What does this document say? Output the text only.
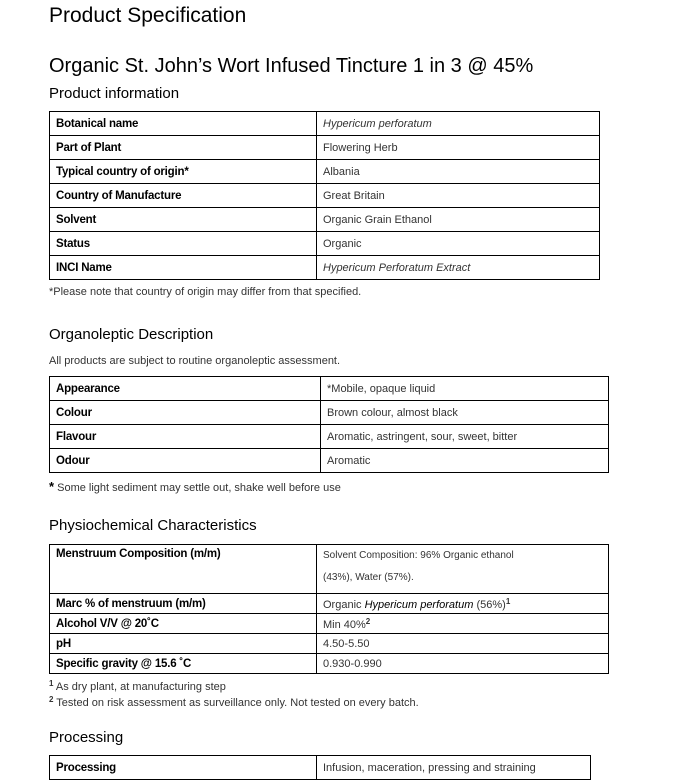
Product Specification
Organic St. John’s Wort Infused Tincture 1 in 3 @ 45%
Product information
Botanical name	Hypericum perforatum
Part of Plant	Flowering Herb
Typical country of origin*	Albania
Country of Manufacture	Great Britain
Solvent	Organic Grain Ethanol
Status	Organic
INCI Name	Hypericum Perforatum Extract
*Please note that country of origin may differ from that specified.
Organoleptic Description
All products are subject to routine organoleptic assessment.
Appearance	*Mobile, opaque liquid
Colour	Brown colour, almost black
Flavour	Aromatic, astringent, sour, sweet, bitter
Odour	Aromatic
* Some light sediment may settle out, shake well before use
Physiochemical Characteristics
Menstruum Composition (m/m)	Solvent Composition: 96% Organic ethanol
(43%), Water (57%).

Marc % of menstruum (m/m)	Organic Hypericum perforatum $(56\%)^1$
Alcohol V/V @ 20˚C	Min 40%$^2$
pH	4.50-5.50
Specific gravity @ 15.6 ˚C	0.930-0.990
$^1$ As dry plant, at manufacturing step
$^2$ Tested on risk assessment as surveillance only. Not tested on every batch.
Processing
Processing	Infusion, maceration, pressing and straining
